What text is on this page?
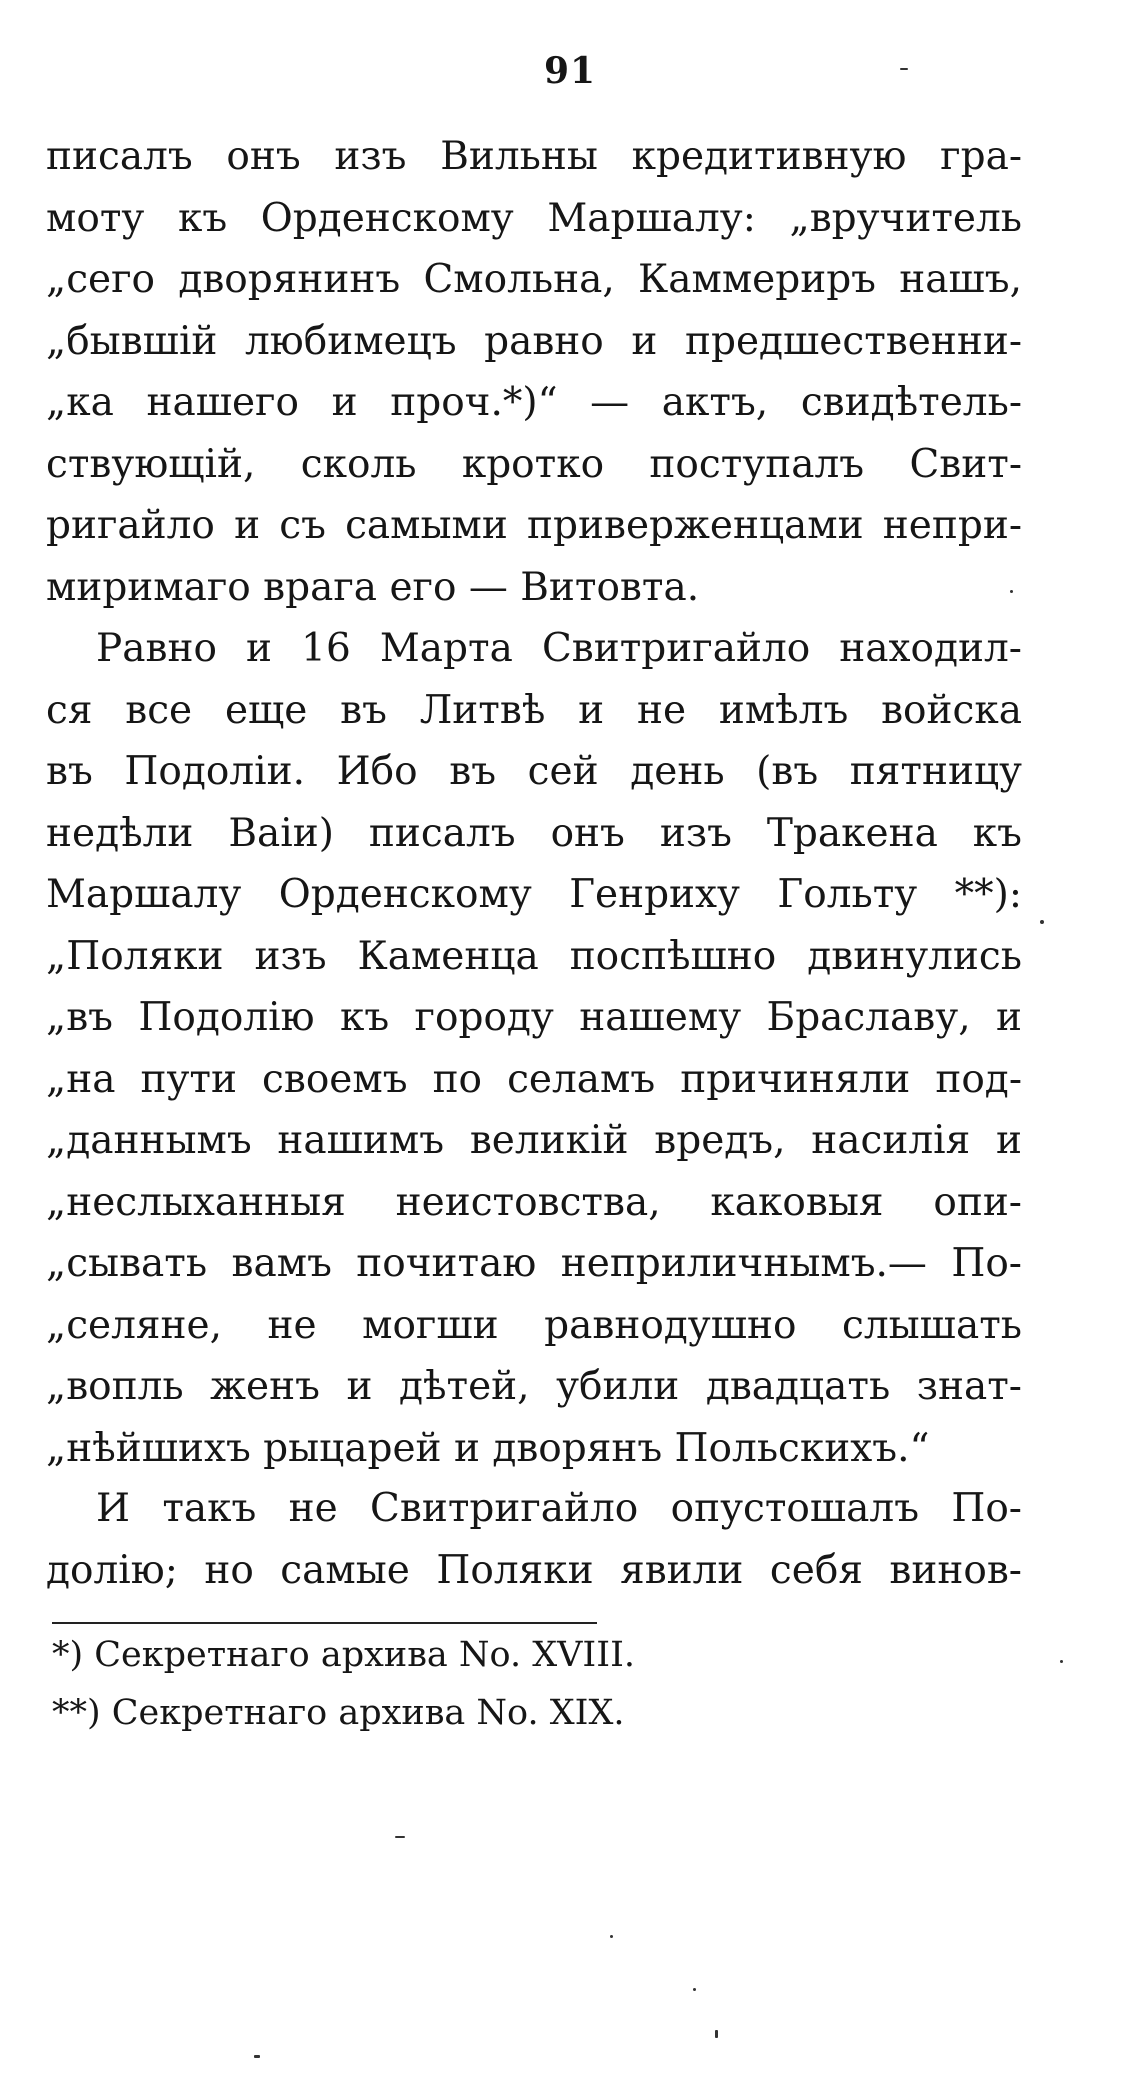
91
писалъ онъ изъ Вильны кредитивную гра-
моту къ Орденскому Маршалу: „вручитель
„сего дворянинъ Смольна, Каммериръ нашъ,
„бывшій любимецъ равно и предшественни-
„ка нашего и проч.*)“ — актъ, свидѣтель-
ствующій, сколь кротко поступалъ Свит-
ригайло и съ самыми приверженцами непри-
миримаго врага его — Витовта.
Равно и 16 Марта Свитригайло находил-
ся все еще въ Литвѣ и не имѣлъ войска
въ Подоліи. Ибо въ сей день (въ пятницу
недѣли Ваіи) писалъ онъ изъ Тракена къ
Маршалу Орденскому Генриху Гольту **):
„Поляки изъ Каменца поспѣшно двинулись
„въ Подолію къ городу нашему Браславу, и
„на пути своемъ по селамъ причиняли под-
„даннымъ нашимъ великій вредъ, насилія и
„неслыханныя неистовства, каковыя опи-
„сывать вамъ почитаю неприличнымъ.— По-
„селяне, не могши равнодушно слышать
„вопль женъ и дѣтей, убили двадцать знат-
„нѣйшихъ рыцарей и дворянъ Польскихъ.“
И такъ не Свитригайло опустошалъ По-
долію; но самые Поляки явили себя винов-
*) Секретнаго архива No. XVIII.
**) Секретнаго архива No. XIX.
